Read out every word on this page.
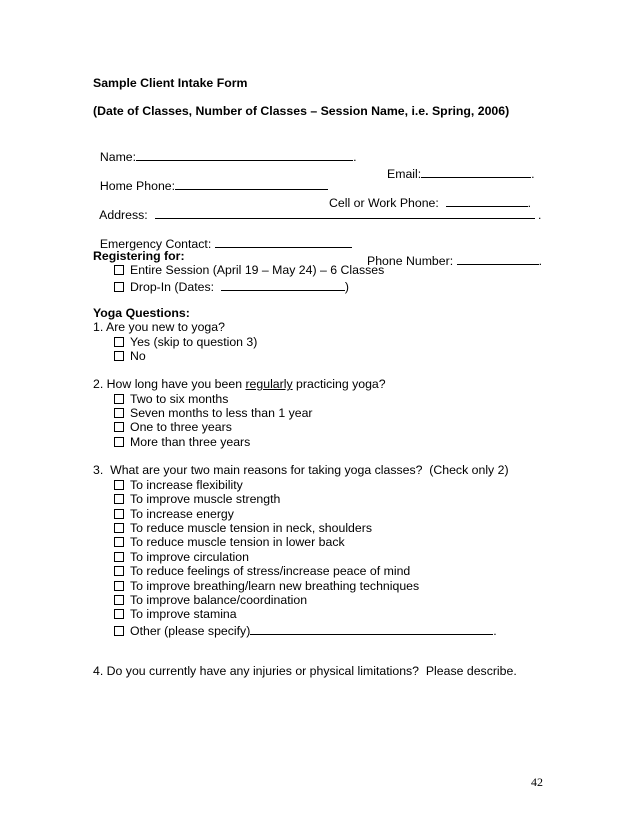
Sample Client Intake Form
(Date of Classes, Number of Classes – Session Name, i.e. Spring, 2006)

Name:	.

Email:	.

Home Phone:

Cell or Work Phone:	.

Address:	.

Emergency Contact:

Phone Number:	.

Registering for:
Entire Session (April 19 – May 24) – 6 Classes
Drop-In (Dates:	)
Yoga Questions:
1. Are you new to yoga?
Yes (skip to question 3)
No
2. How long have you been regularly practicing yoga?
Two to six months
Seven months to less than 1 year
One to three years
More than three years
3.  What are your two main reasons for taking yoga classes?  (Check only 2)
To increase flexibility
To improve muscle strength
To increase energy
To reduce muscle tension in neck, shoulders
To reduce muscle tension in lower back
To improve circulation
To reduce feelings of stress/increase peace of mind
To improve breathing/learn new breathing techniques
To improve balance/coordination
To improve stamina
Other (please specify)	.
4. Do you currently have any injuries or physical limitations?  Please describe.
42
